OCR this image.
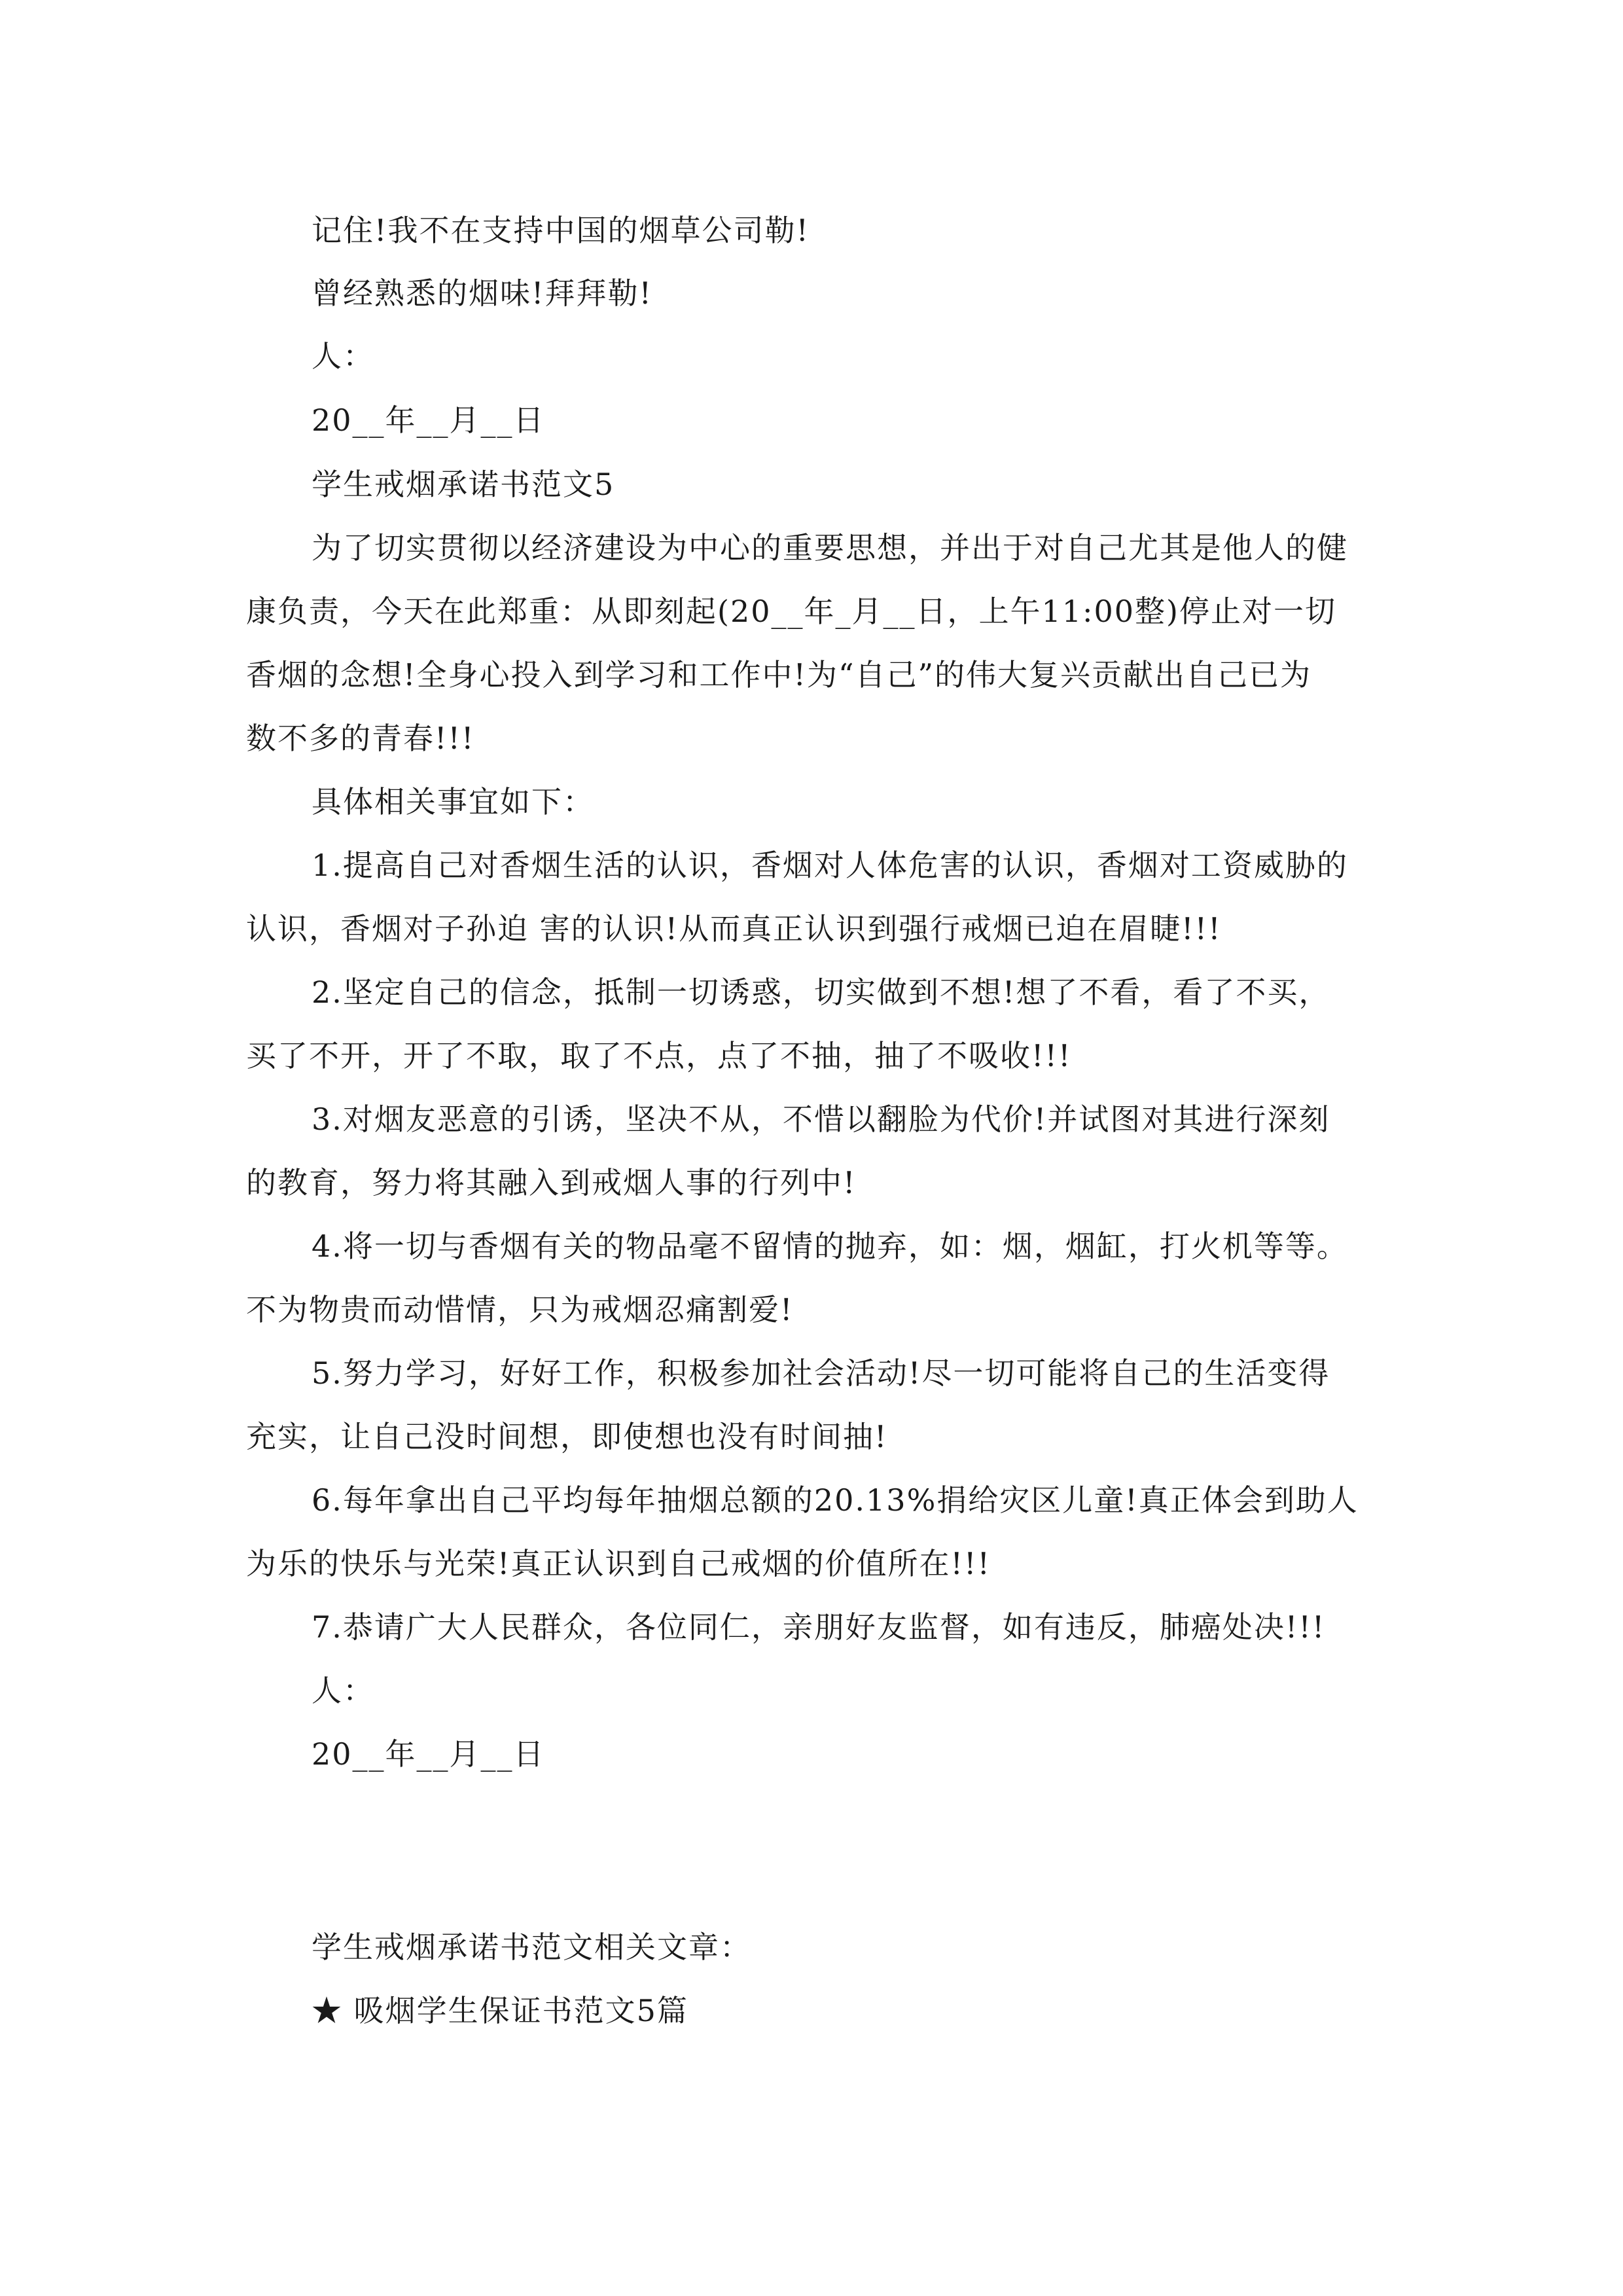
记住!我不在支持中国的烟草公司勒!
曾经熟悉的烟味!拜拜勒!
人：
20__年__月__日
学生戒烟承诺书范文5
为了切实贯彻以经济建设为中心的重要思想，并出于对自己尤其是他人的健
康负责，今天在此郑重：从即刻起(20__年_月__日，上午11:00整)停止对一切
香烟的念想!全身心投入到学习和工作中!为“自己”的伟大复兴贡献出自己已为
数不多的青春!!!
具体相关事宜如下：
1.提高自己对香烟生活的认识，香烟对人体危害的认识，香烟对工资威胁的
认识，香烟对子孙迫 害的认识!从而真正认识到强行戒烟已迫在眉睫!!!
2.坚定自己的信念，抵制一切诱惑，切实做到不想!想了不看，看了不买，
买了不开，开了不取，取了不点，点了不抽，抽了不吸收!!!
3.对烟友恶意的引诱，坚决不从，不惜以翻脸为代价!并试图对其进行深刻
的教育，努力将其融入到戒烟人事的行列中!
4.将一切与香烟有关的物品毫不留情的抛弃，如：烟，烟缸，打火机等等。
不为物贵而动惜情，只为戒烟忍痛割爱!
5.努力学习，好好工作，积极参加社会活动!尽一切可能将自己的生活变得
充实，让自己没时间想，即使想也没有时间抽!
6.每年拿出自己平均每年抽烟总额的20.13%捐给灾区儿童!真正体会到助人
为乐的快乐与光荣!真正认识到自己戒烟的价值所在!!!
7.恭请广大人民群众，各位同仁，亲朋好友监督，如有违反，肺癌处决!!!
人：
20__年__月__日
学生戒烟承诺书范文相关文章：
★ 吸烟学生保证书范文5篇
